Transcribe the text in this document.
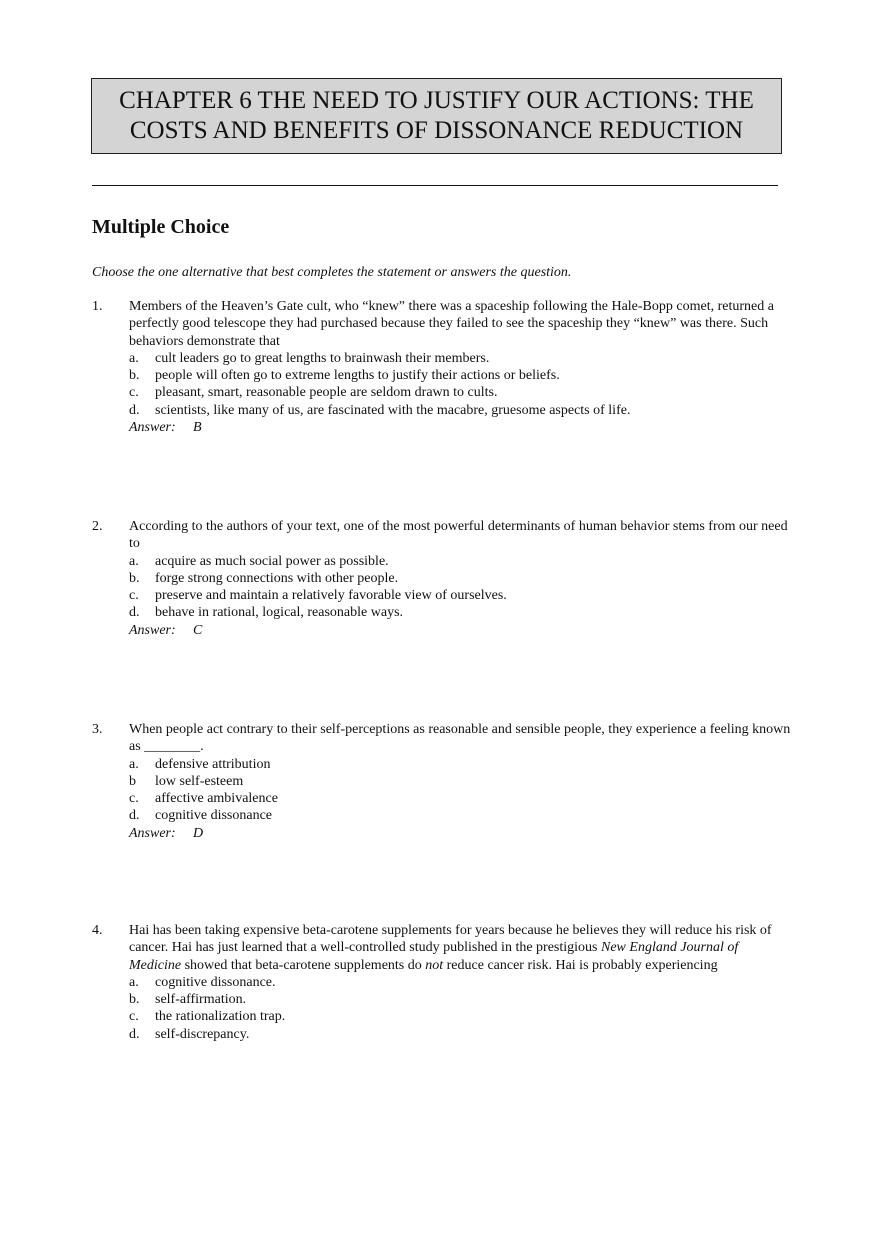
CHAPTER 6 THE NEED TO JUSTIFY OUR ACTIONS: THE
COSTS AND BENEFITS OF DISSONANCE REDUCTION
Multiple Choice
Choose the one alternative that best completes the statement or answers the question.
1. Members of the Heaven’s Gate cult, who “knew” there was a spaceship following the Hale-Bopp comet, returned a perfectly good telescope they had purchased because they failed to see the spaceship they “knew” was there. Such behaviors demonstrate that
a. cult leaders go to great lengths to brainwash their members.
b. people will often go to extreme lengths to justify their actions or beliefs.
c. pleasant, smart, reasonable people are seldom drawn to cults.
d. scientists, like many of us, are fascinated with the macabre, gruesome aspects of life.
Answer: B
2. According to the authors of your text, one of the most powerful determinants of human behavior stems from our need to
a. acquire as much social power as possible.
b. forge strong connections with other people.
c. preserve and maintain a relatively favorable view of ourselves.
d. behave in rational, logical, reasonable ways.
Answer: C
3. When people act contrary to their self-perceptions as reasonable and sensible people, they experience a feeling known as ________.
a. defensive attribution
b low self-esteem
c. affective ambivalence
d. cognitive dissonance
Answer: D
4. Hai has been taking expensive beta-carotene supplements for years because he believes they will reduce his risk of cancer. Hai has just learned that a well-controlled study published in the prestigious New England Journal of Medicine showed that beta-carotene supplements do not reduce cancer risk. Hai is probably experiencing
a. cognitive dissonance.
b. self-affirmation.
c. the rationalization trap.
d. self-discrepancy.
